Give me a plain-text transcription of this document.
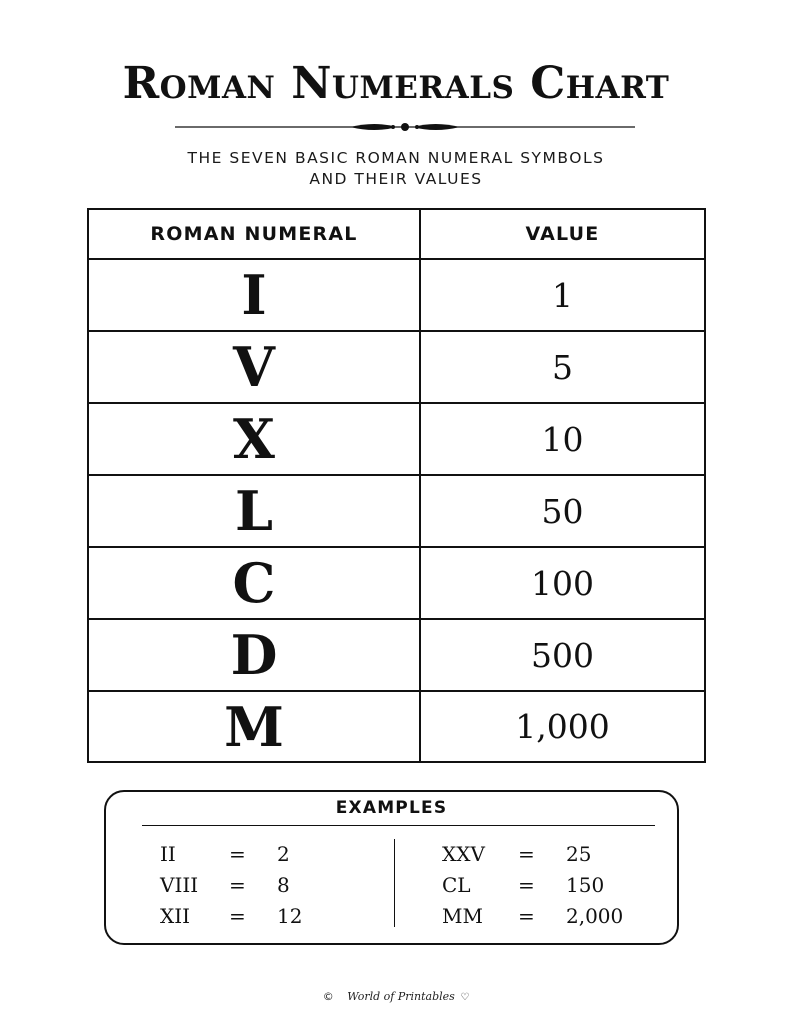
Roman Numerals Chart
THE SEVEN BASIC ROMAN NUMERAL SYMBOLS
AND THEIR VALUES
ROMAN NUMERAL	VALUE
I	1
V	5
X	10
L	50
C	100
D	500
M	1,000
EXAMPLES
II	= 2
VIII = 8
XII = 12
XXV = 25
CL = 150
MM = 2,000
© World of Printables ♡
